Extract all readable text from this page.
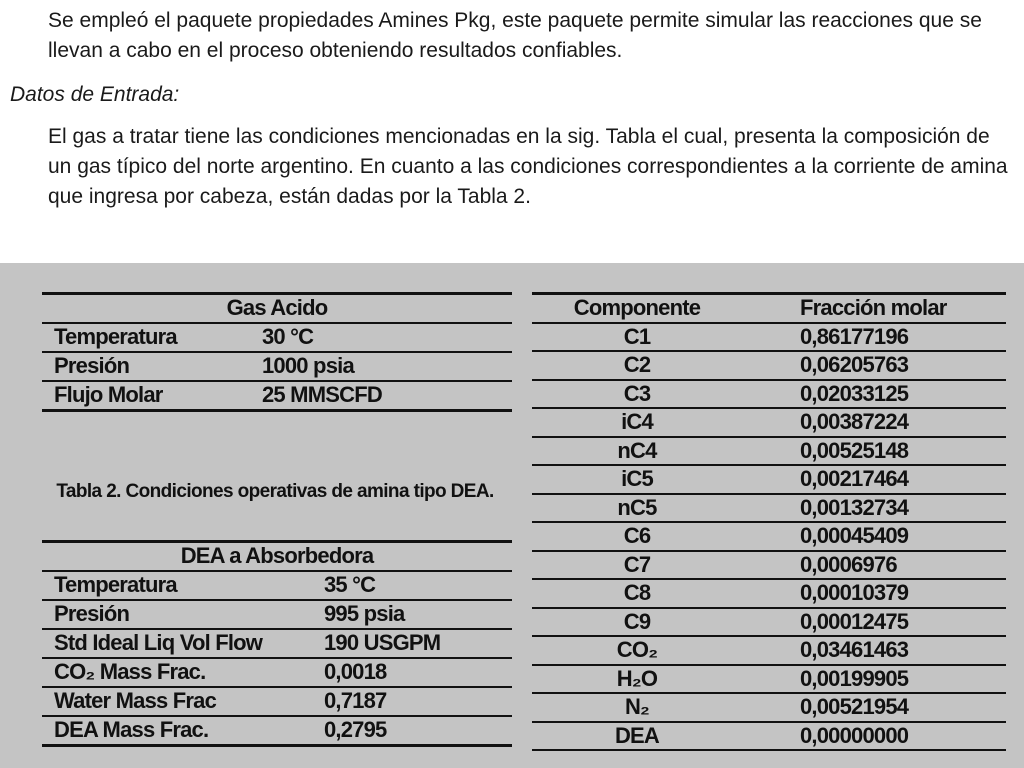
Se empleó el paquete propiedades Amines Pkg, este paquete permite simular las reacciones que se llevan a cabo en el proceso obteniendo resultados confiables.
Datos de Entrada:
El gas a tratar tiene las condiciones mencionadas en la sig. Tabla el cual, presenta la composición de un gas típico del norte argentino. En cuanto a las condiciones correspondientes a la corriente de amina que ingresa por cabeza, están dadas por la Tabla 2.
Gas Acido
Temperatura	30 °C
Presión	1000 psia
Flujo Molar	25 MMSCFD
Tabla 2. Condiciones operativas de amina tipo DEA.
DEA a Absorbedora
Temperatura	35 °C
Presión	995 psia
Std Ideal Liq Vol Flow	190 USGPM
CO₂ Mass Frac.	0,0018
Water Mass Frac	0,7187
DEA Mass Frac.	0,2795
Componente	Fracción molar
C1	0,86177196
C2	0,06205763
C3	0,02033125
iC4	0,00387224
nC4	0,00525148
iC5	0,00217464
nC5	0,00132734
C6	0,00045409
C7	0,0006976
C8	0,00010379
C9	0,00012475
CO₂	0,03461463
H₂O	0,00199905
N₂	0,00521954
DEA	0,00000000
